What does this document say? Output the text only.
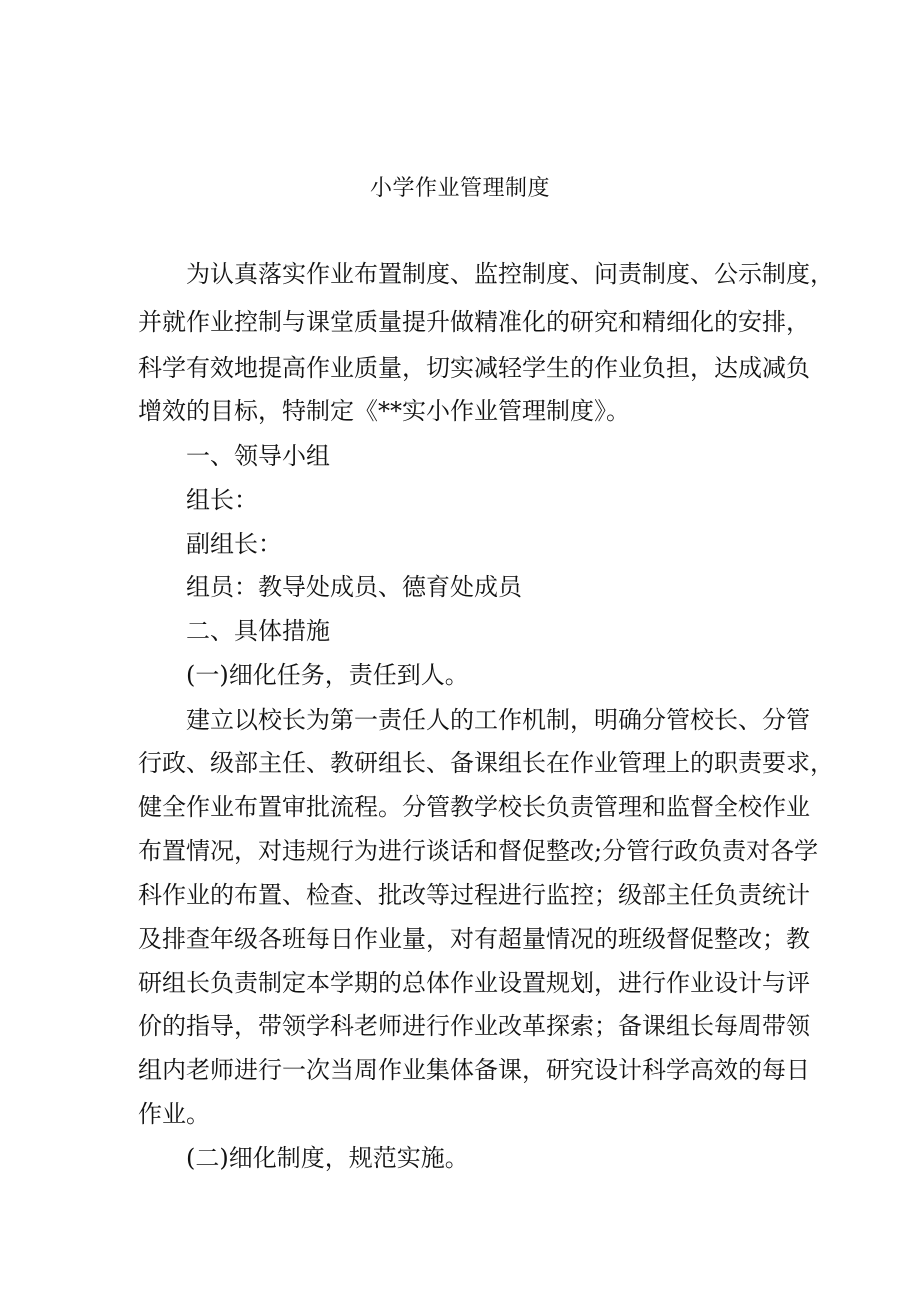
小学作业管理制度
为认真落实作业布置制度、监控制度、问责制度、公示制度，
并就作业控制与课堂质量提升做精准化的研究和精细化的安排，
科学有效地提高作业质量，切实减轻学生的作业负担，达成减负
增效的目标，特制定《**实小作业管理制度》。
一、领导小组
组长：
副组长：
组员：教导处成员、德育处成员
二、具体措施
(一)细化任务，责任到人。
建立以校长为第一责任人的工作机制，明确分管校长、分管
行政、级部主任、教研组长、备课组长在作业管理上的职责要求，
健全作业布置审批流程。分管教学校长负责管理和监督全校作业
布置情况，对违规行为进行谈话和督促整改;分管行政负责对各学
科作业的布置、检查、批改等过程进行监控；级部主任负责统计
及排查年级各班每日作业量，对有超量情况的班级督促整改；教
研组长负责制定本学期的总体作业设置规划，进行作业设计与评
价的指导，带领学科老师进行作业改革探索；备课组长每周带领
组内老师进行一次当周作业集体备课，研究设计科学高效的每日
作业。
(二)细化制度，规范实施。
